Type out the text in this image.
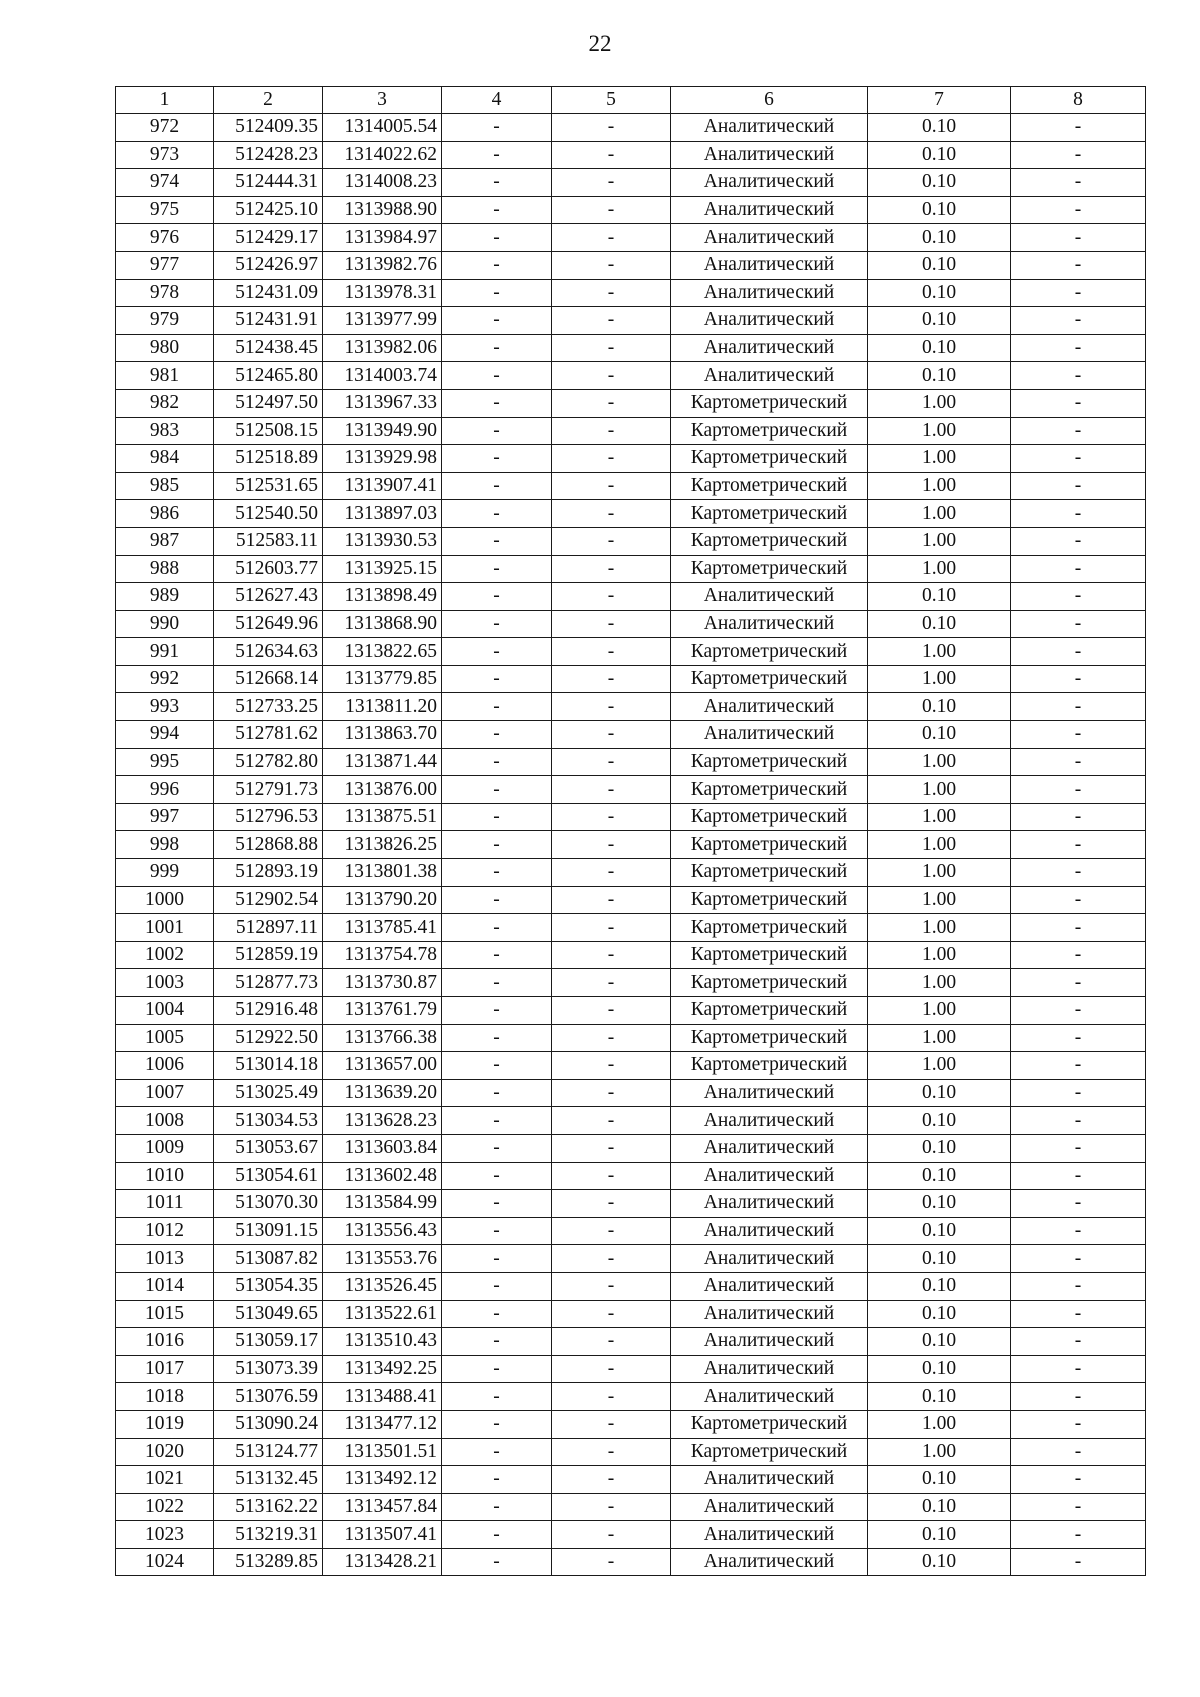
22
1	2	3	4	5	6	7	8
972	512409.35	1314005.54	-	-	Аналитический	0.10	-
973	512428.23	1314022.62	-	-	Аналитический	0.10	-
974	512444.31	1314008.23	-	-	Аналитический	0.10	-
975	512425.10	1313988.90	-	-	Аналитический	0.10	-
976	512429.17	1313984.97	-	-	Аналитический	0.10	-
977	512426.97	1313982.76	-	-	Аналитический	0.10	-
978	512431.09	1313978.31	-	-	Аналитический	0.10	-
979	512431.91	1313977.99	-	-	Аналитический	0.10	-
980	512438.45	1313982.06	-	-	Аналитический	0.10	-
981	512465.80	1314003.74	-	-	Аналитический	0.10	-
982	512497.50	1313967.33	-	-	Картометрический	1.00	-
983	512508.15	1313949.90	-	-	Картометрический	1.00	-
984	512518.89	1313929.98	-	-	Картометрический	1.00	-
985	512531.65	1313907.41	-	-	Картометрический	1.00	-
986	512540.50	1313897.03	-	-	Картометрический	1.00	-
987	512583.11	1313930.53	-	-	Картометрический	1.00	-
988	512603.77	1313925.15	-	-	Картометрический	1.00	-
989	512627.43	1313898.49	-	-	Аналитический	0.10	-
990	512649.96	1313868.90	-	-	Аналитический	0.10	-
991	512634.63	1313822.65	-	-	Картометрический	1.00	-
992	512668.14	1313779.85	-	-	Картометрический	1.00	-
993	512733.25	1313811.20	-	-	Аналитический	0.10	-
994	512781.62	1313863.70	-	-	Аналитический	0.10	-
995	512782.80	1313871.44	-	-	Картометрический	1.00	-
996	512791.73	1313876.00	-	-	Картометрический	1.00	-
997	512796.53	1313875.51	-	-	Картометрический	1.00	-
998	512868.88	1313826.25	-	-	Картометрический	1.00	-
999	512893.19	1313801.38	-	-	Картометрический	1.00	-
1000	512902.54	1313790.20	-	-	Картометрический	1.00	-
1001	512897.11	1313785.41	-	-	Картометрический	1.00	-
1002	512859.19	1313754.78	-	-	Картометрический	1.00	-
1003	512877.73	1313730.87	-	-	Картометрический	1.00	-
1004	512916.48	1313761.79	-	-	Картометрический	1.00	-
1005	512922.50	1313766.38	-	-	Картометрический	1.00	-
1006	513014.18	1313657.00	-	-	Картометрический	1.00	-
1007	513025.49	1313639.20	-	-	Аналитический	0.10	-
1008	513034.53	1313628.23	-	-	Аналитический	0.10	-
1009	513053.67	1313603.84	-	-	Аналитический	0.10	-
1010	513054.61	1313602.48	-	-	Аналитический	0.10	-
1011	513070.30	1313584.99	-	-	Аналитический	0.10	-
1012	513091.15	1313556.43	-	-	Аналитический	0.10	-
1013	513087.82	1313553.76	-	-	Аналитический	0.10	-
1014	513054.35	1313526.45	-	-	Аналитический	0.10	-
1015	513049.65	1313522.61	-	-	Аналитический	0.10	-
1016	513059.17	1313510.43	-	-	Аналитический	0.10	-
1017	513073.39	1313492.25	-	-	Аналитический	0.10	-
1018	513076.59	1313488.41	-	-	Аналитический	0.10	-
1019	513090.24	1313477.12	-	-	Картометрический	1.00	-
1020	513124.77	1313501.51	-	-	Картометрический	1.00	-
1021	513132.45	1313492.12	-	-	Аналитический	0.10	-
1022	513162.22	1313457.84	-	-	Аналитический	0.10	-
1023	513219.31	1313507.41	-	-	Аналитический	0.10	-
1024	513289.85	1313428.21	-	-	Аналитический	0.10	-
